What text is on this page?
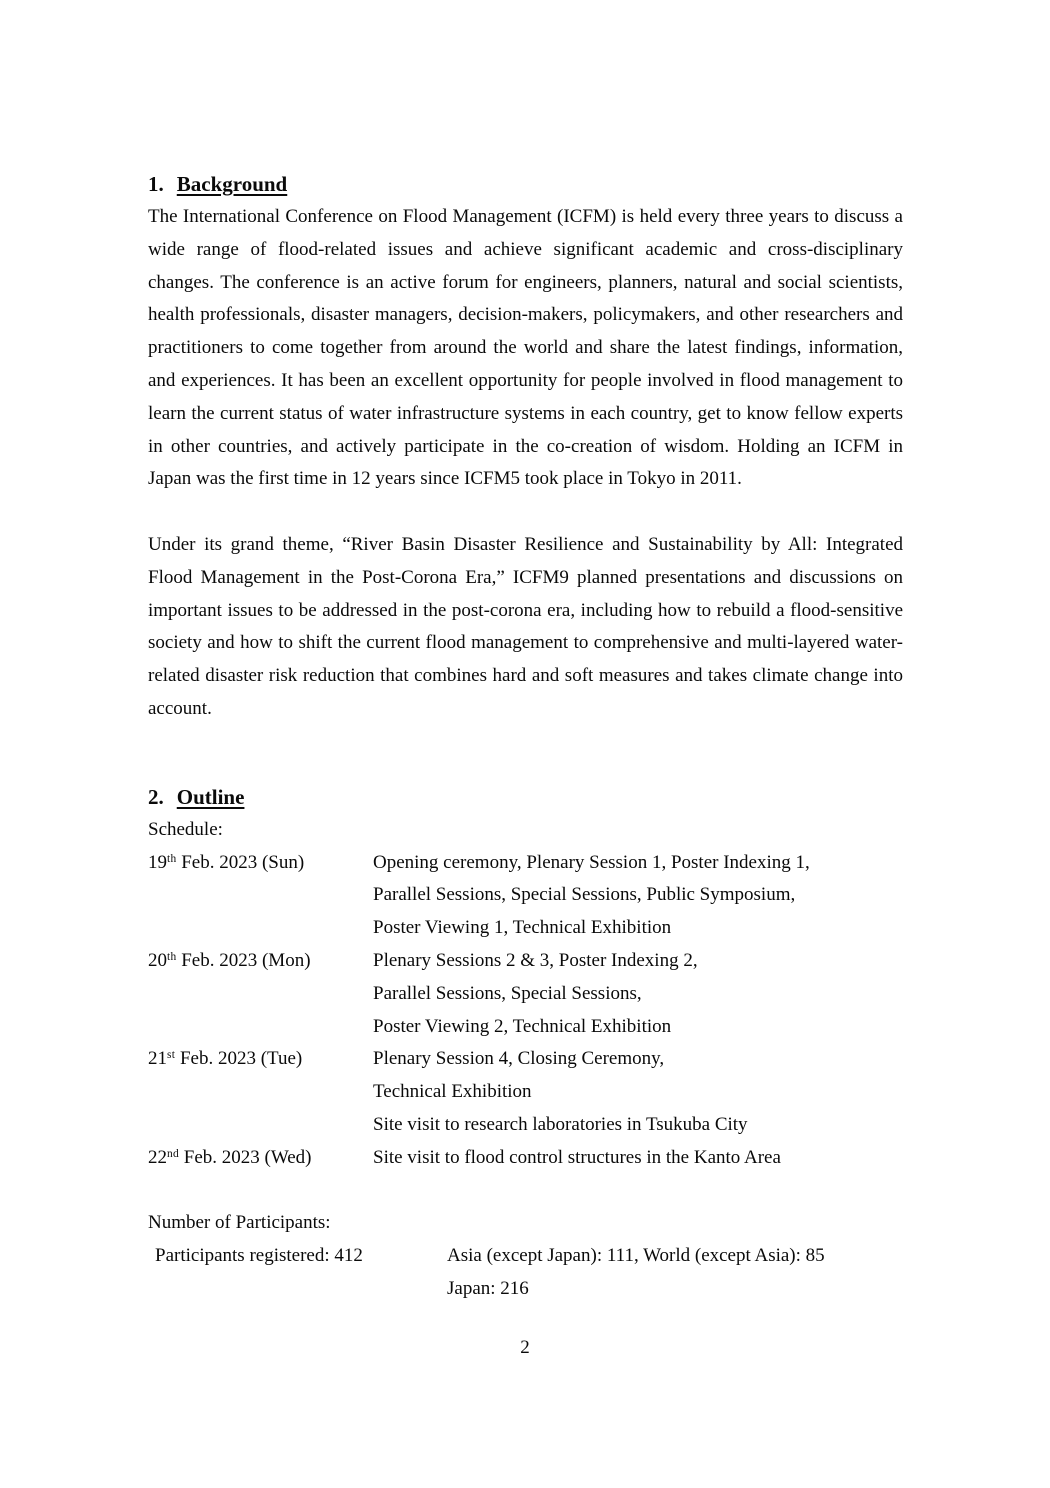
1. Background

The International Conference on Flood Management (ICFM) is held every three years to discuss a wide range of flood-related issues and achieve significant academic and cross-disciplinary changes. The conference is an active forum for engineers, planners, natural and social scientists, health professionals, disaster managers, decision-makers, policymakers, and other researchers and practitioners to come together from around the world and share the latest findings, information, and experiences. It has been an excellent opportunity for people involved in flood management to learn the current status of water infrastructure systems in each country, get to know fellow experts in other countries, and actively participate in the co-creation of wisdom. Holding an ICFM in Japan was the first time in 12 years since ICFM5 took place in Tokyo in 2011.

Under its grand theme, “River Basin Disaster Resilience and Sustainability by All: Integrated Flood Management in the Post-Corona Era,” ICFM9 planned presentations and discussions on important issues to be addressed in the post-corona era, including how to rebuild a flood-sensitive society and how to shift the current flood management to comprehensive and multi-layered water-related disaster risk reduction that combines hard and soft measures and takes climate change into account.

2. Outline
Schedule:
19th Feb. 2023 (Sun)	Opening ceremony, Plenary Session 1, Poster Indexing 1,
Parallel Sessions, Special Sessions, Public Symposium,
Poster Viewing 1, Technical Exhibition
20th Feb. 2023 (Mon)	Plenary Sessions 2 & 3, Poster Indexing 2,
Parallel Sessions, Special Sessions,
Poster Viewing 2, Technical Exhibition
21st Feb. 2023 (Tue)	Plenary Session 4, Closing Ceremony,
Technical Exhibition
Site visit to research laboratories in Tsukuba City
22nd Feb. 2023 (Wed)	Site visit to flood control structures in the Kanto Area
Number of Participants:
Participants registered: 412	Asia (except Japan): 111, World (except Asia): 85
Japan: 216
2
